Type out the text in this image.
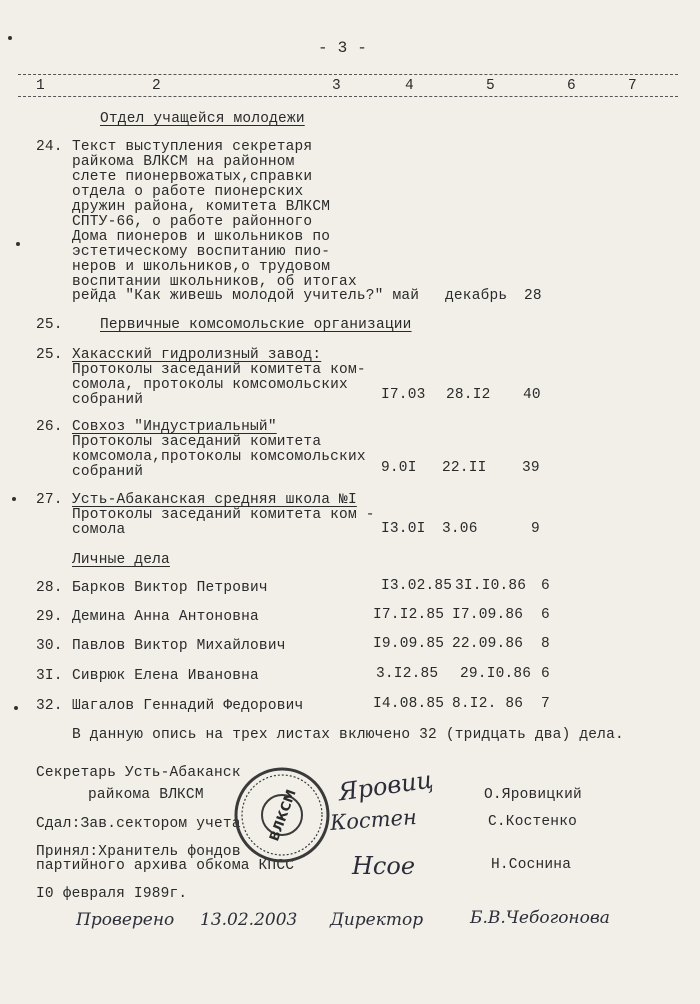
- 3 -
1	2	3	4	5	6	7
Отдел учащейся молодежи
24. Текст выступления секретаря
райкома ВЛКСМ на районном
слете пионервожатых,справки
отдела о работе пионерских
дружин района, комитета ВЛКСМ
СПТУ-66, о работе районного
Дома пионеров и школьников по
эстетическому воспитанию пио-
неров и школьников,о трудовом
воспитании школьников, об итогах
рейда "Как живешь молодой учитель?" май декабрь 28
25.	Первичные комсомольские организации
25. Хакасский гидролизный завод:
Протоколы заседаний комитета ком-
сомола, протоколы комсомольских
собраний	I7.03 28.I2 40
26. Совхоз "Индустриальный"
Протоколы заседаний комитета
комсомола,протоколы комсомольских
собраний	9.0I 22.II 39
27. Усть-Абаканская средняя школа №I
Протоколы заседаний комитета ком -
сомола	I3.0I 3.06	9
Личные дела
28. Барков Виктор Петрович	I3.02.85 3I.I0.86 6
29. Демина Анна Антоновна	I7.I2.85 I7.09.86 6
30. Павлов Виктор Михайлович	I9.09.85 22.09.86 8
3I. Сиврюк Елена Ивановна	3.I2.85 29.I0.86 6
32. Шагалов Геннадий Федорович	I4.08.85 8.I2. 86 7
В данную опись на трех листах включено 32 (тридцать два) дела.
Секретарь Усть-Абаканск
райкома ВЛКСМ	О.Яровицкий
Сдал:Зав.сектором учета	С.Костенко
Принял:Хранитель фондов
партийного архива обкома КПСС	Н.Соснина
I0 февраля I989г.
ВЛКСМ
Яровиц
Костен
Нсое
Проверено 13.02.2003 Директор	Б.В.Чебогонова
